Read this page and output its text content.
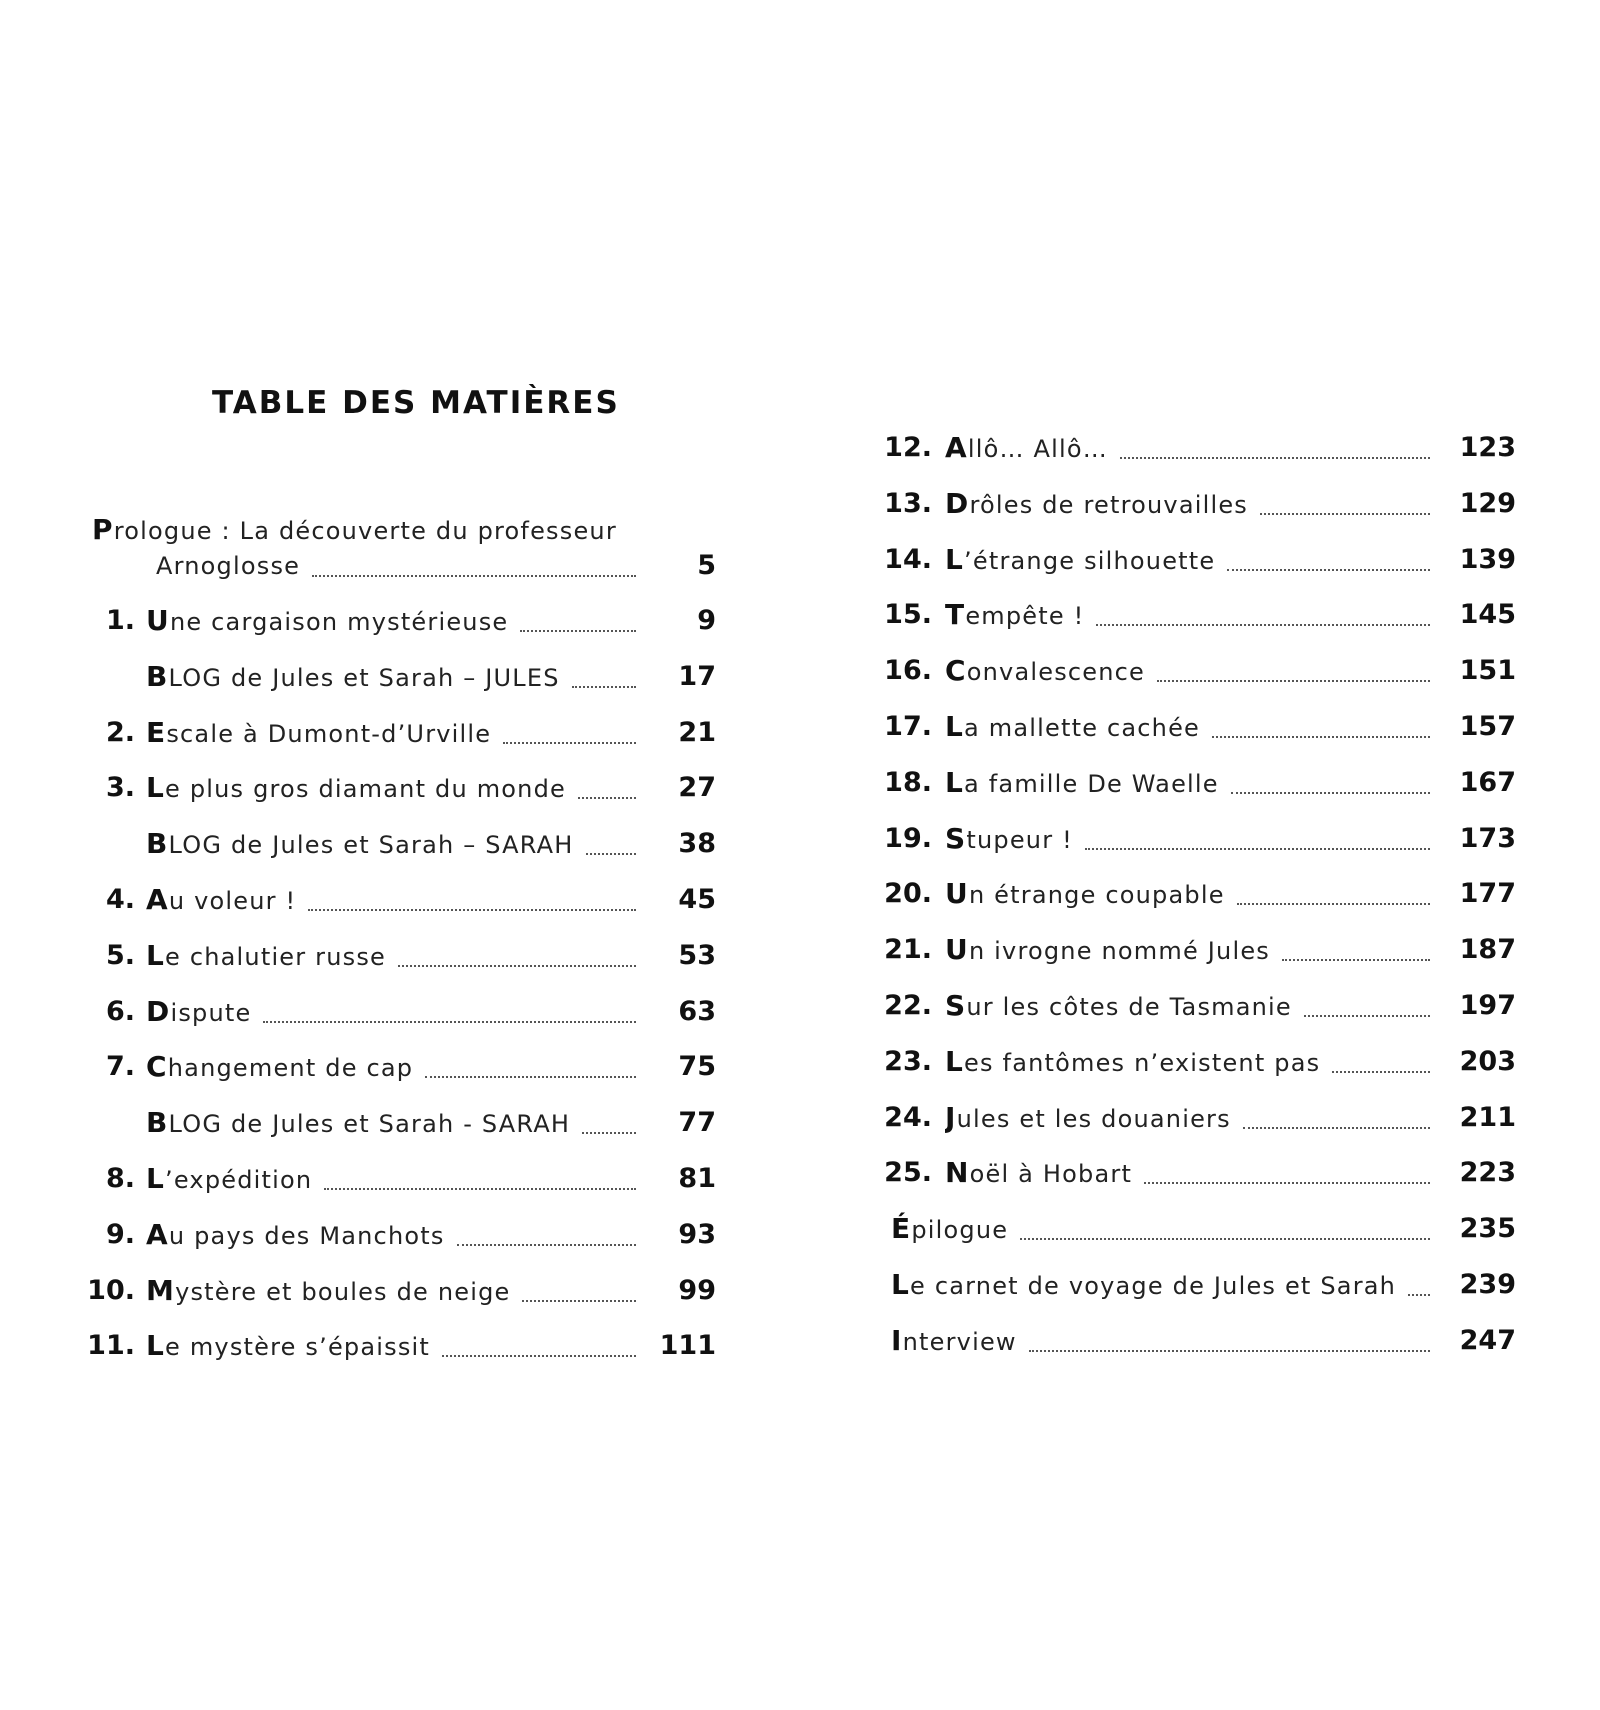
TABLE DES MATIÈRES
Prologue : La découverte du professeur
Arnoglosse	5
1. U ne cargaison mystérieuse	9
B LOG de Jules et Sarah – JULES	17
2. E scale à Dumont-d’Urville	21
3. L e plus gros diamant du monde	27
B LOG de Jules et Sarah – SARAH	38
4. A u voleur !	45
5. L e chalutier russe	53
6. D ispute	63
7. C hangement de cap	75
B LOG de Jules et Sarah - SARAH	77
8. L ’expédition	81
9. A u pays des Manchots	93
10. M ystère et boules de neige	99
11. L e mystère s’épaissit	111
12. A llô… Allô…	123
13. D rôles de retrouvailles	129
14. L ’étrange silhouette	139
15. T empête !	145
16. C onvalescence	151
17. L a mallette cachée	157
18. L a famille De Waelle	167
19. S tupeur !	173
20. U n étrange coupable	177
21. U n ivrogne nommé Jules	187
22. S ur les côtes de Tasmanie	197
23. L es fantômes n’existent pas	203
24. J ules et les douaniers	211
25. N oël à Hobart	223
É pilogue	235
L e carnet de voyage de Jules et Sarah 239
I nterview	247
